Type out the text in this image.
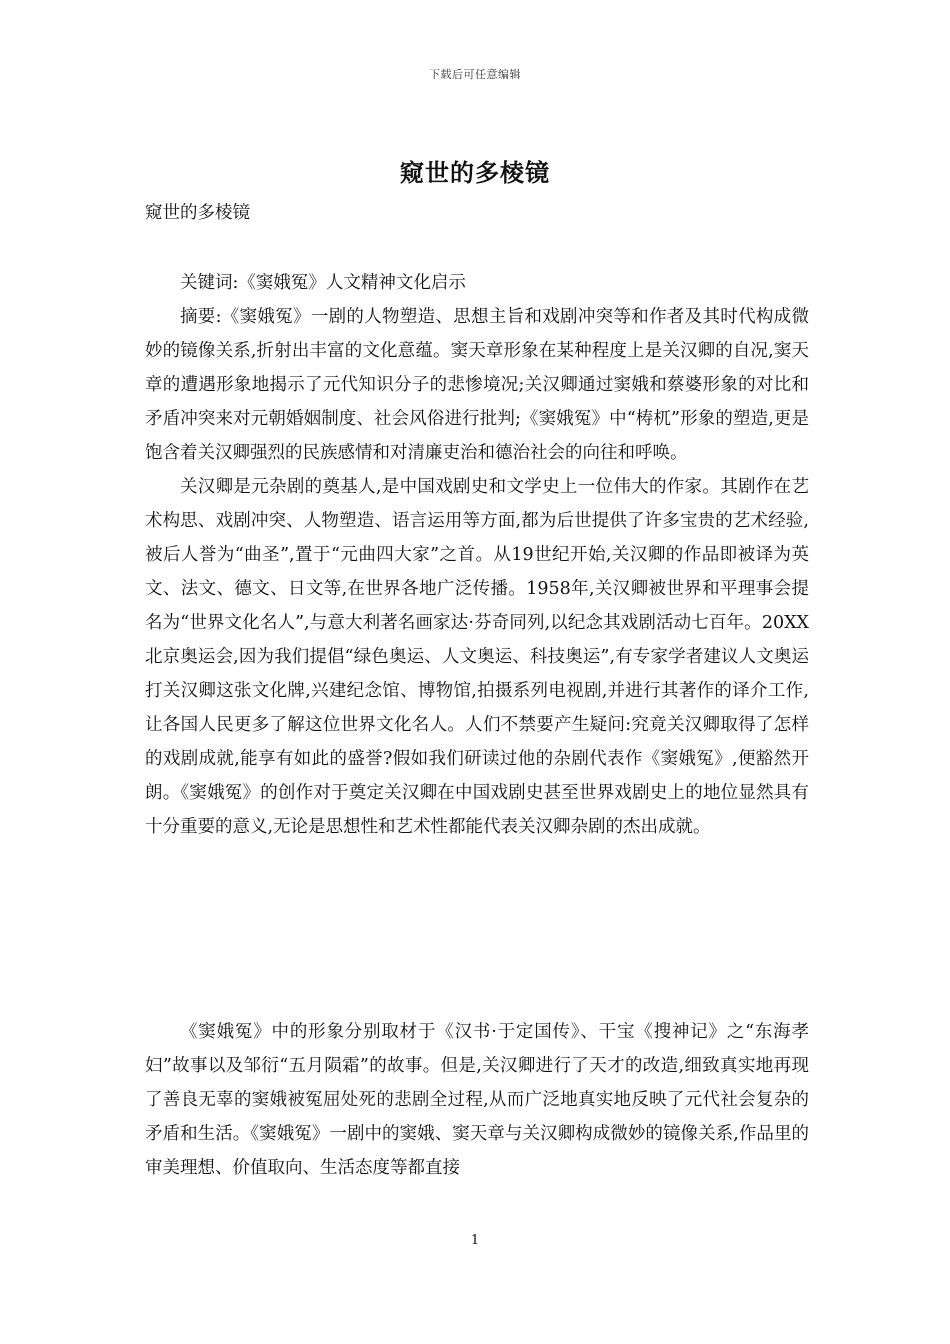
下载后可任意编辑
窥世的多棱镜
窥世的多棱镜

关键词:《窦娥冤》人文精神文化启示

摘要:《窦娥冤》一剧的人物塑造、思想主旨和戏剧冲突等和作者及其时代构成微妙的镜像关系,折射出丰富的文化意蕴。窦天章形象在某种程度上是关汉卿的自况,窦天章的遭遇形象地揭示了元代知识分子的悲惨境况;关汉卿通过窦娥和蔡婆形象的对比和矛盾冲突来对元朝婚姻制度、社会风俗进行批判;《窦娥冤》中“梼杌”形象的塑造,更是饱含着关汉卿强烈的民族感情和对清廉吏治和德治社会的向往和呼唤。

关汉卿是元杂剧的奠基人,是中国戏剧史和文学史上一位伟大的作家。其剧作在艺术构思、戏剧冲突、人物塑造、语言运用等方面,都为后世提供了许多宝贵的艺术经验,被后人誉为“曲圣”,置于“元曲四大家”之首。从19世纪开始,关汉卿的作品即被译为英文、法文、德文、日文等,在世界各地广泛传播。1958年,关汉卿被世界和平理事会提名为“世界文化名人”,与意大利著名画家达·芬奇同列,以纪念其戏剧活动七百年。20XX北京奥运会,因为我们提倡“绿色奥运、人文奥运、科技奥运”,有专家学者建议人文奥运打关汉卿这张文化牌,兴建纪念馆、博物馆,拍摄系列电视剧,并进行其著作的译介工作,让各国人民更多了解这位世界文化名人。人们不禁要产生疑问:究竟关汉卿取得了怎样的戏剧成就,能享有如此的盛誉?假如我们研读过他的杂剧代表作《窦娥冤》,便豁然开朗。《窦娥冤》的创作对于奠定关汉卿在中国戏剧史甚至世界戏剧史上的地位显然具有十分重要的意义,无论是思想性和艺术性都能代表关汉卿杂剧的杰出成就。

《窦娥冤》中的形象分别取材于《汉书·于定国传》、干宝《搜神记》之“东海孝妇”故事以及邹衍“五月陨霜”的故事。但是,关汉卿进行了天才的改造,细致真实地再现了善良无辜的窦娥被冤屈处死的悲剧全过程,从而广泛地真实地反映了元代社会复杂的矛盾和生活。《窦娥冤》一剧中的窦娥、窦天章与关汉卿构成微妙的镜像关系,作品里的审美理想、价值取向、生活态度等都直接

1
